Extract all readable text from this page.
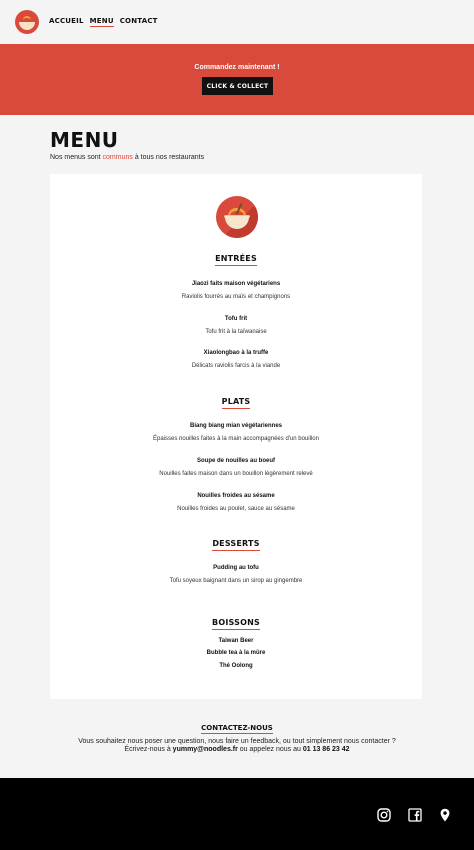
ACCUEIL MENU CONTACT
Commandez maintenant !
CLICK & COLLECT
MENU

Nos menus sont communs à tous nos restaurants

ENTRÉES
Jiaozi faits maison végétariens
Raviolis fourrés au maïs et champignons
Tofu frit
Tofu frit à la taïwanaise
Xiaolongbao à la truffe
Délicats raviolis farcis à la viande
PLATS
Biang biang mian végétariennes
Épaisses nouilles faites à la main accompagnées d'un bouillon
Soupe de nouilles au boeuf
Nouilles faites maison dans un bouillon légèrement relevé
Nouilles froides au sésame
Nouilles froides au poulet, sauce au sésame
DESSERTS
Pudding au tofu
Tofu soyeux baignant dans un sirop au gingembre
BOISSONS
Taiwan Beer
Bubble tea à la mûre
Thé Oolong
CONTACTEZ-NOUS
Vous souhaitez nous poser une question, nous faire un feedback, ou tout simplement nous contacter ?
Écrivez-nous à yummy@noodles.fr ou appelez nous au 01 13 86 23 42
